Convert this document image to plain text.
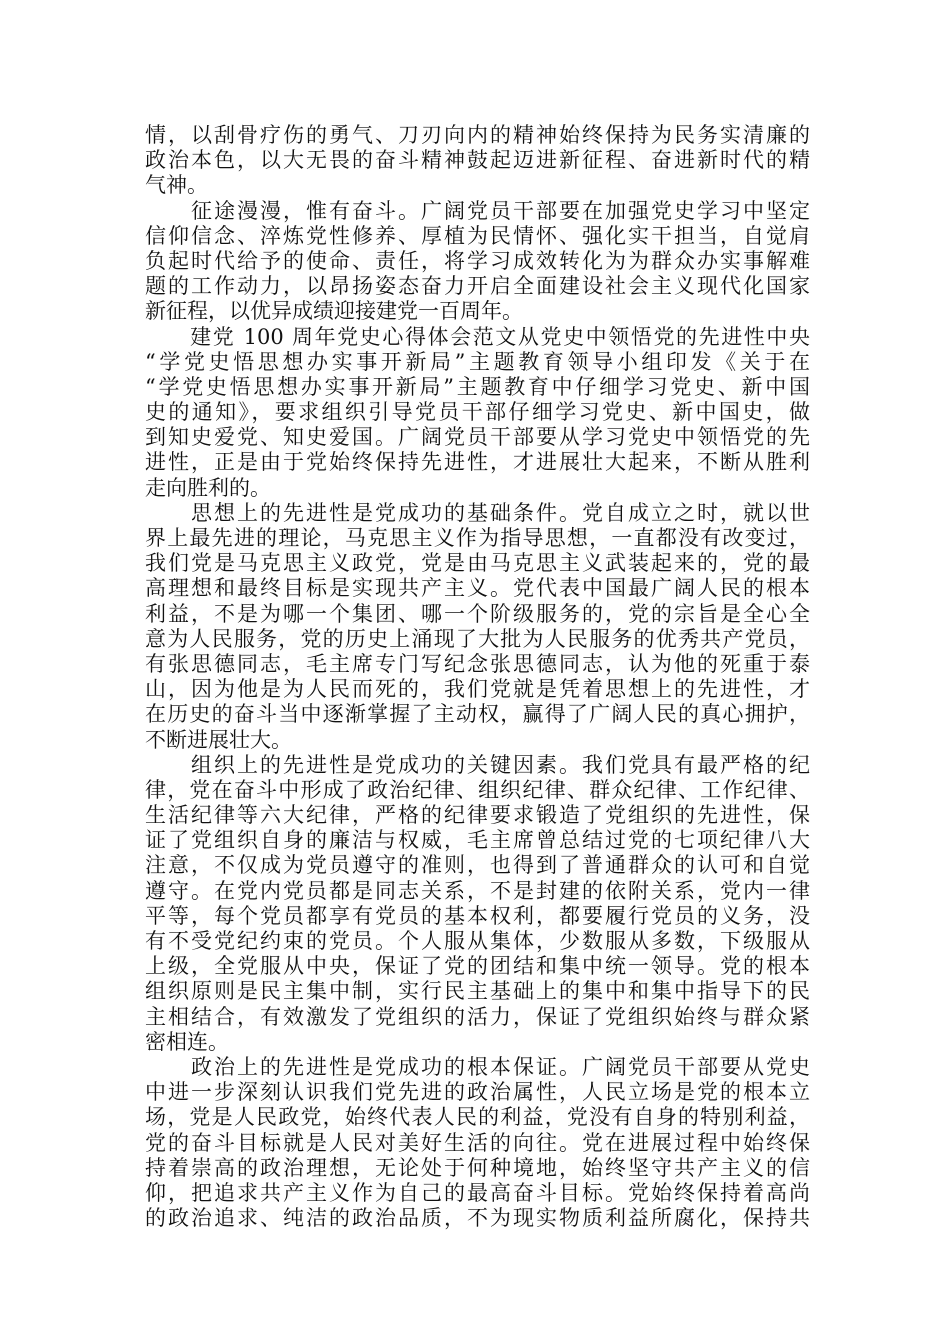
情，以刮骨疗伤的勇气、刀刃向内的精神始终保持为民务实清廉的
政治本色，以大无畏的奋斗精神鼓起迈进新征程、奋进新时代的精
气神。

　　征途漫漫，惟有奋斗。广阔党员干部要在加强党史学习中坚定
信仰信念、淬炼党性修养、厚植为民情怀、强化实干担当，自觉肩
负起时代给予的使命、责任，将学习成效转化为为群众办实事解难
题的工作动力，以昂扬姿态奋力开启全面建设社会主义现代化国家
新征程，以优异成绩迎接建党一百周年。

　　建党 100 周年党史心得体会范文从党史中领悟党的先进性中央
“学党史悟思想办实事开新局”主题教育领导小组印发《关于在
“学党史悟思想办实事开新局”主题教育中仔细学习党史、新中国
史的通知》，要求组织引导党员干部仔细学习党史、新中国史，做
到知史爱党、知史爱国。广阔党员干部要从学习党史中领悟党的先
进性，正是由于党始终保持先进性，才进展壮大起来，不断从胜利
走向胜利的。

　　思想上的先进性是党成功的基础条件。党自成立之时，就以世
界上最先进的理论，马克思主义作为指导思想，一直都没有改变过，
我们党是马克思主义政党，党是由马克思主义武装起来的，党的最
高理想和最终目标是实现共产主义。党代表中国最广阔人民的根本
利益，不是为哪一个集团、哪一个阶级服务的，党的宗旨是全心全
意为人民服务，党的历史上涌现了大批为人民服务的优秀共产党员，
有张思德同志，毛主席专门写纪念张思德同志，认为他的死重于泰
山，因为他是为人民而死的，我们党就是凭着思想上的先进性，才
在历史的奋斗当中逐渐掌握了主动权，赢得了广阔人民的真心拥护，
不断进展壮大。

　　组织上的先进性是党成功的关键因素。我们党具有最严格的纪
律，党在奋斗中形成了政治纪律、组织纪律、群众纪律、工作纪律、
生活纪律等六大纪律，严格的纪律要求锻造了党组织的先进性，保
证了党组织自身的廉洁与权威，毛主席曾总结过党的七项纪律八大
注意，不仅成为党员遵守的准则，也得到了普通群众的认可和自觉
遵守。在党内党员都是同志关系，不是封建的依附关系，党内一律
平等，每个党员都享有党员的基本权利，都要履行党员的义务，没
有不受党纪约束的党员。个人服从集体，少数服从多数，下级服从
上级，全党服从中央，保证了党的团结和集中统一领导。党的根本
组织原则是民主集中制，实行民主基础上的集中和集中指导下的民
主相结合，有效激发了党组织的活力，保证了党组织始终与群众紧
密相连。

　　政治上的先进性是党成功的根本保证。广阔党员干部要从党史
中进一步深刻认识我们党先进的政治属性，人民立场是党的根本立
场，党是人民政党，始终代表人民的利益，党没有自身的特别利益，
党的奋斗目标就是人民对美好生活的向往。党在进展过程中始终保
持着崇高的政治理想，无论处于何种境地，始终坚守共产主义的信
仰，把追求共产主义作为自己的最高奋斗目标。党始终保持着高尚
的政治追求、纯洁的政治品质，不为现实物质利益所腐化，保持共
